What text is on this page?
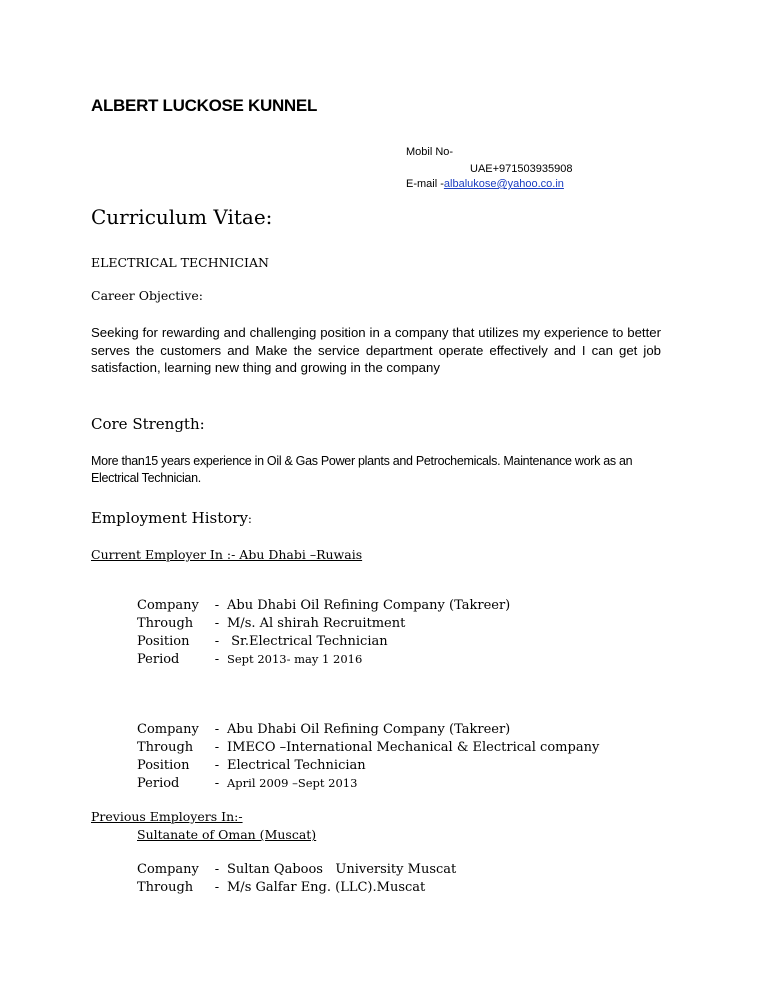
ALBERT LUCKOSE KUNNEL
Mobil No-
UAE+971503935908
E-mail -albalukose@yahoo.co.in
Curriculum Vitae:
ELECTRICAL TECHNICIAN
Career Objective:
Seeking for rewarding and challenging position in a company that utilizes my experience to better serves the customers and Make the service department operate effectively and I can get job satisfaction, learning new thing and growing in the company
Core Strength:
More than15 years experience in Oil & Gas Power plants and Petrochemicals. Maintenance work as an Electrical Technician.
Employment History:
Current Employer In :- Abu Dhabi –Ruwais
Company - Abu Dhabi Oil Refining Company (Takreer)
Through - M/s. Al shirah Recruitment
Position - Sr.Electrical Technician
Period	- Sept 2013- may 1 2016
Company - Abu Dhabi Oil Refining Company (Takreer)
Through - IMECO –International Mechanical & Electrical company
Position - Electrical Technician
Period	- April 2009 –Sept 2013
Previous Employers In:-
Sultanate of Oman (Muscat)
Company - Sultan Qaboos   University Muscat
Through - M/s Galfar Eng. (LLC).Muscat
